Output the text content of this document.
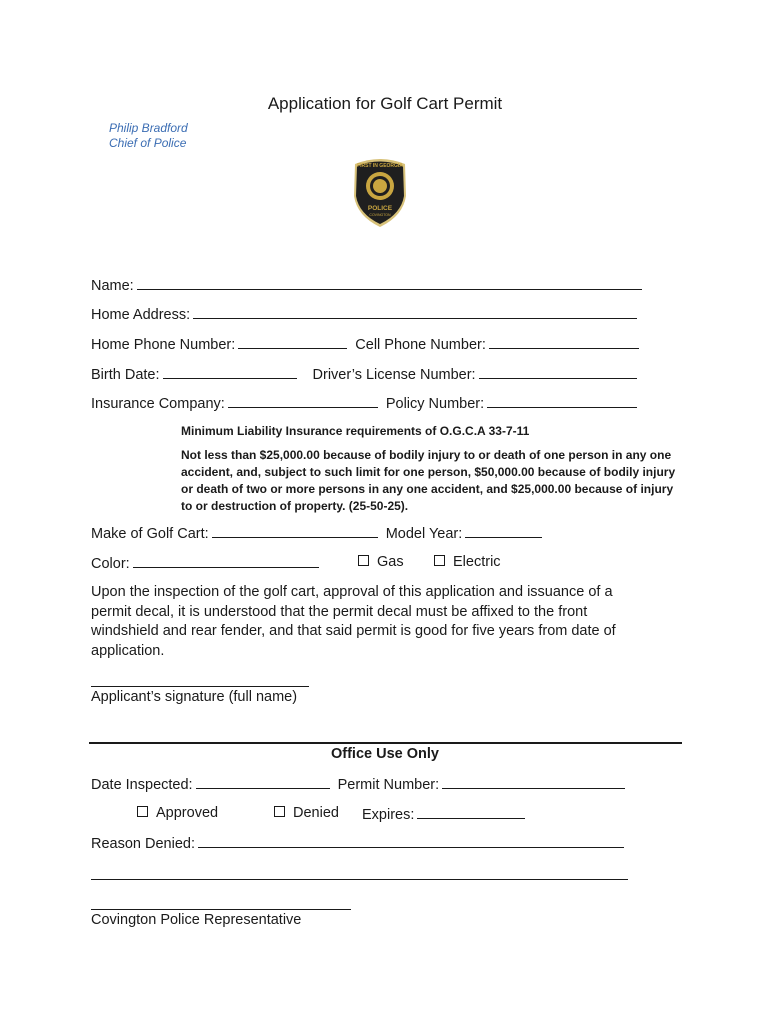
Application for Golf Cart Permit
Philip Bradford
Chief of Police
FIRST IN GEORGIA
POLICE
COVINGTON
Name:
Home Address:
Home Phone Number:	Cell Phone Number:
Birth Date:	Driver’s License Number:
Insurance Company:	Policy Number:
Minimum Liability Insurance requirements of O.G.C.A 33-7-11
Not less than $25,000.00 because of bodily injury to or death of one person in any one accident, and, subject to such limit for one person, $50,000.00 because of bodily injury or death of two or more persons in any one accident, and $25,000.00 because of injury to or destruction of property. (25-50-25).
Make of Golf Cart:	Model Year:
Color:	Gas	Electric
Upon the inspection of the golf cart, approval of this application and issuance of a permit decal, it is understood that the permit decal must be affixed to the front windshield and rear fender, and that said permit is good for five years from date of application.
Applicant’s signature (full name)
Office Use Only
Date Inspected:	Permit Number:
Approved	Denied Expires:
Reason Denied:
Covington Police Representative
